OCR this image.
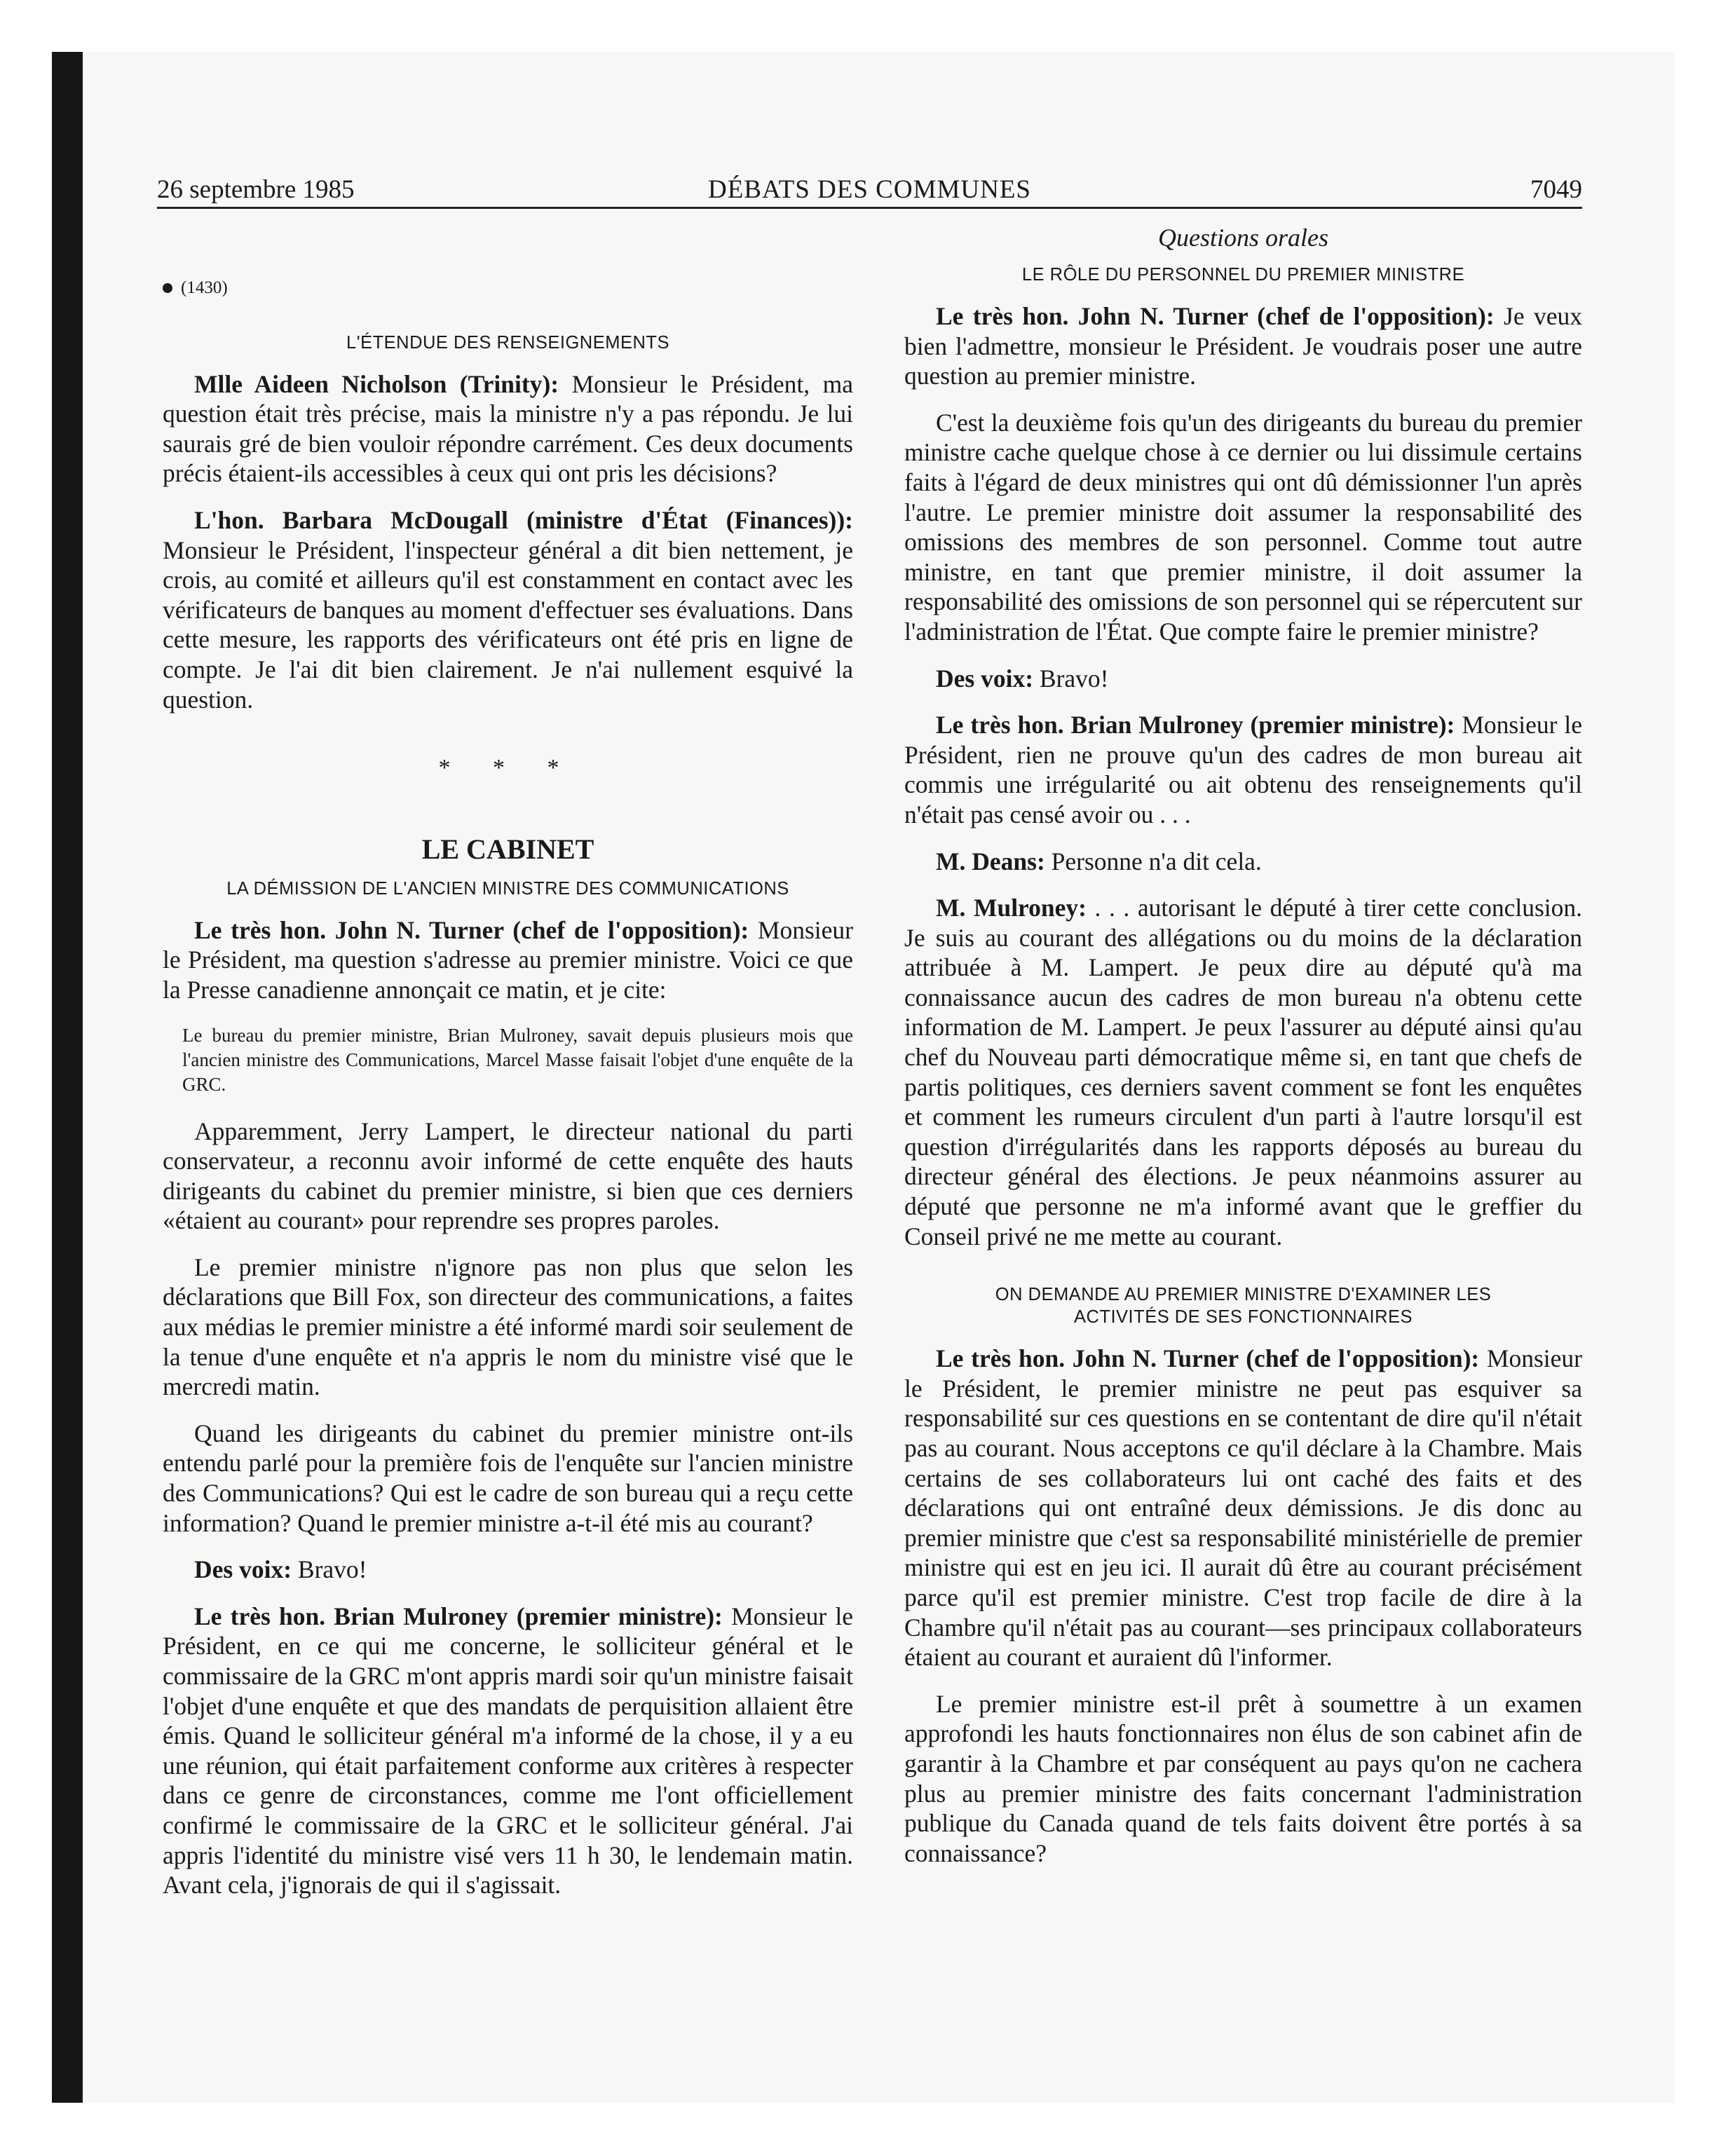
26 septembre 1985	DÉBATS DES COMMUNES	7049
(1430)
L'ÉTENDUE DES RENSEIGNEMENTS

Mlle Aideen Nicholson (Trinity): Monsieur le Président, ma question était très précise, mais la ministre n'y a pas répondu. Je lui saurais gré de bien vouloir répondre carrément. Ces deux documents précis étaient-ils accessibles à ceux qui ont pris les décisions?

L'hon. Barbara McDougall (ministre d'État (Finances)): Monsieur le Président, l'inspecteur général a dit bien nettement, je crois, au comité et ailleurs qu'il est constamment en contact avec les vérificateurs de banques au moment d'effectuer ses évaluations. Dans cette mesure, les rapports des vérificateurs ont été pris en ligne de compte. Je l'ai dit bien clairement. Je n'ai nullement esquivé la question.

* * *
LE CABINET
LA DÉMISSION DE L'ANCIEN MINISTRE DES COMMUNICATIONS

Le très hon. John N. Turner (chef de l'opposition): Monsieur le Président, ma question s'adresse au premier ministre. Voici ce que la Presse canadienne annonçait ce matin, et je cite:

Le bureau du premier ministre, Brian Mulroney, savait depuis plusieurs mois que l'ancien ministre des Communications, Marcel Masse faisait l'objet d'une enquête de la GRC.

Apparemment, Jerry Lampert, le directeur national du parti conservateur, a reconnu avoir informé de cette enquête des hauts dirigeants du cabinet du premier ministre, si bien que ces derniers «étaient au courant» pour reprendre ses propres paroles.

Le premier ministre n'ignore pas non plus que selon les déclarations que Bill Fox, son directeur des communications, a faites aux médias le premier ministre a été informé mardi soir seulement de la tenue d'une enquête et n'a appris le nom du ministre visé que le mercredi matin.

Quand les dirigeants du cabinet du premier ministre ont-ils entendu parlé pour la première fois de l'enquête sur l'ancien ministre des Communications? Qui est le cadre de son bureau qui a reçu cette information? Quand le premier ministre a-t-il été mis au courant?

Des voix: Bravo!

Le très hon. Brian Mulroney (premier ministre): Monsieur le Président, en ce qui me concerne, le solliciteur général et le commissaire de la GRC m'ont appris mardi soir qu'un ministre faisait l'objet d'une enquête et que des mandats de perquisition allaient être émis. Quand le solliciteur général m'a informé de la chose, il y a eu une réunion, qui était parfaitement conforme aux critères à respecter dans ce genre de circonstances, comme me l'ont officiellement confirmé le commissaire de la GRC et le solliciteur général. J'ai appris l'identité du ministre visé vers 11 h 30, le lendemain matin. Avant cela, j'ignorais de qui il s'agissait.

Questions orales
LE RÔLE DU PERSONNEL DU PREMIER MINISTRE

Le très hon. John N. Turner (chef de l'opposition): Je veux bien l'admettre, monsieur le Président. Je voudrais poser une autre question au premier ministre.

C'est la deuxième fois qu'un des dirigeants du bureau du premier ministre cache quelque chose à ce dernier ou lui dissimule certains faits à l'égard de deux ministres qui ont dû démissionner l'un après l'autre. Le premier ministre doit assumer la responsabilité des omissions des membres de son personnel. Comme tout autre ministre, en tant que premier ministre, il doit assumer la responsabilité des omissions de son personnel qui se répercutent sur l'administration de l'État. Que compte faire le premier ministre?

Des voix: Bravo!

Le très hon. Brian Mulroney (premier ministre): Monsieur le Président, rien ne prouve qu'un des cadres de mon bureau ait commis une irrégularité ou ait obtenu des renseignements qu'il n'était pas censé avoir ou . . .

M. Deans: Personne n'a dit cela.

M. Mulroney: . . . autorisant le député à tirer cette conclusion. Je suis au courant des allégations ou du moins de la déclaration attribuée à M. Lampert. Je peux dire au député qu'à ma connaissance aucun des cadres de mon bureau n'a obtenu cette information de M. Lampert. Je peux l'assurer au député ainsi qu'au chef du Nouveau parti démocratique même si, en tant que chefs de partis politiques, ces derniers savent comment se font les enquêtes et comment les rumeurs circulent d'un parti à l'autre lorsqu'il est question d'irrégularités dans les rapports déposés au bureau du directeur général des élections. Je peux néanmoins assurer au député que personne ne m'a informé avant que le greffier du Conseil privé ne me mette au courant.

ON DEMANDE AU PREMIER MINISTRE D'EXAMINER LES
ACTIVITÉS DE SES FONCTIONNAIRES

Le très hon. John N. Turner (chef de l'opposition): Monsieur le Président, le premier ministre ne peut pas esquiver sa responsabilité sur ces questions en se contentant de dire qu'il n'était pas au courant. Nous acceptons ce qu'il déclare à la Chambre. Mais certains de ses collaborateurs lui ont caché des faits et des déclarations qui ont entraîné deux démissions. Je dis donc au premier ministre que c'est sa responsabilité ministérielle de premier ministre qui est en jeu ici. Il aurait dû être au courant précisément parce qu'il est premier ministre. C'est trop facile de dire à la Chambre qu'il n'était pas au courant—ses principaux collaborateurs étaient au courant et auraient dû l'informer.

Le premier ministre est-il prêt à soumettre à un examen approfondi les hauts fonctionnaires non élus de son cabinet afin de garantir à la Chambre et par conséquent au pays qu'on ne cachera plus au premier ministre des faits concernant l'administration publique du Canada quand de tels faits doivent être portés à sa connaissance?
